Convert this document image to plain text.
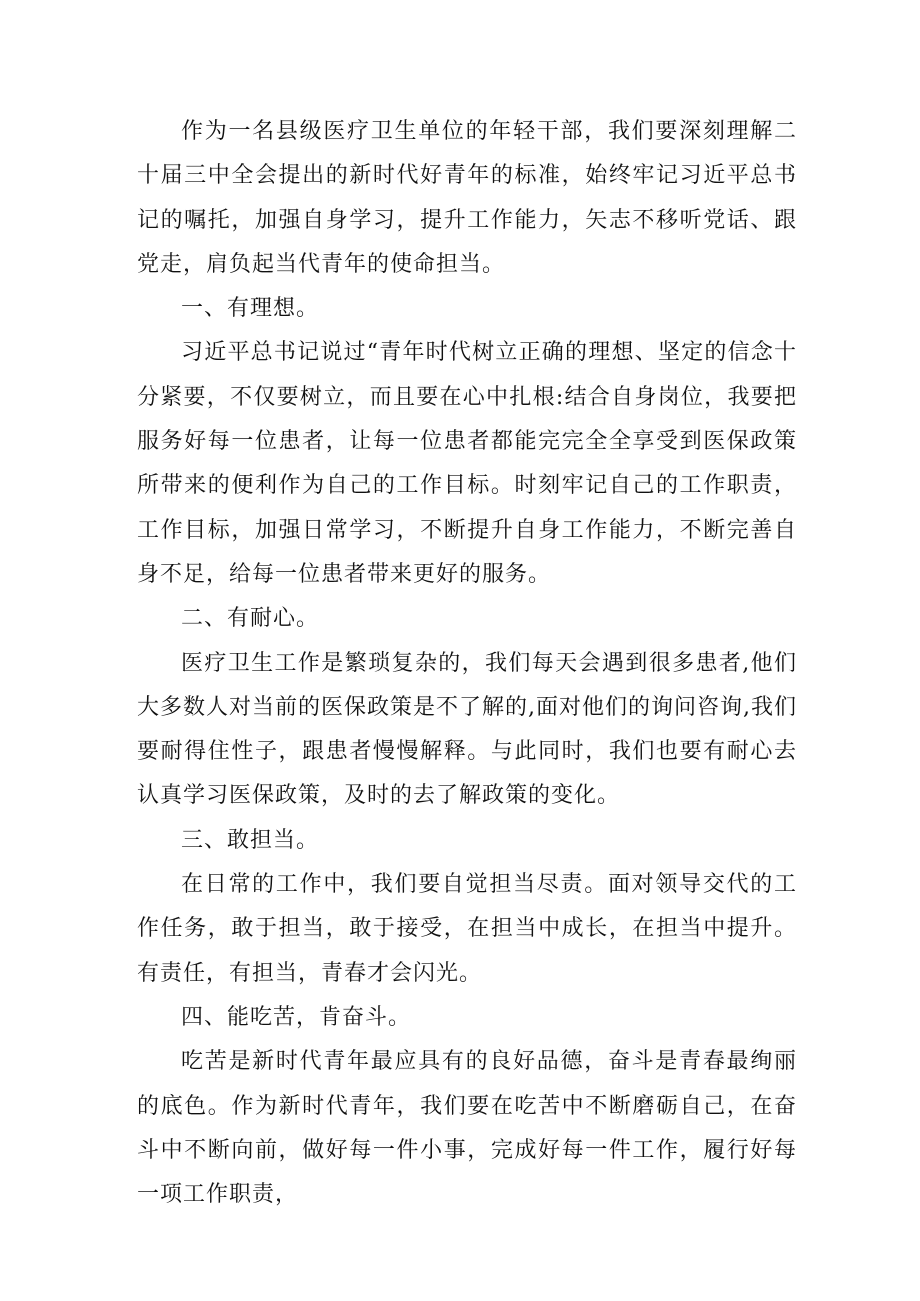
作为一名县级医疗卫生单位的年轻干部，我们要深刻理解二十届三中全会提出的新时代好青年的标准，始终牢记习近平总书记的嘱托，加强自身学习，提升工作能力，矢志不移听党话、跟党走，肩负起当代青年的使命担当。

一、有理想。

习近平总书记说过“青年时代树立正确的理想、坚定的信念十分紧要，不仅要树立，而且要在心中扎根:结合自身岗位，我要把服务好每一位患者，让每一位患者都能完完全全享受到医保政策所带来的便利作为自己的工作目标。时刻牢记自己的工作职责，工作目标，加强日常学习，不断提升自身工作能力，不断完善自身不足，给每一位患者带来更好的服务。

二、有耐心。

医疗卫生工作是繁琐复杂的，我们每天会遇到很多患者,他们大多数人对当前的医保政策是不了解的,面对他们的询问咨询,我们要耐得住性子，跟患者慢慢解释。与此同时，我们也要有耐心去认真学习医保政策，及时的去了解政策的变化。

三、敢担当。

在日常的工作中，我们要自觉担当尽责。面对领导交代的工作任务，敢于担当，敢于接受，在担当中成长，在担当中提升。有责任，有担当，青春才会闪光。

四、能吃苦，肯奋斗。

吃苦是新时代青年最应具有的良好品德，奋斗是青春最绚丽的底色。作为新时代青年，我们要在吃苦中不断磨砺自己，在奋斗中不断向前，做好每一件小事，完成好每一件工作，履行好每一项工作职责，
